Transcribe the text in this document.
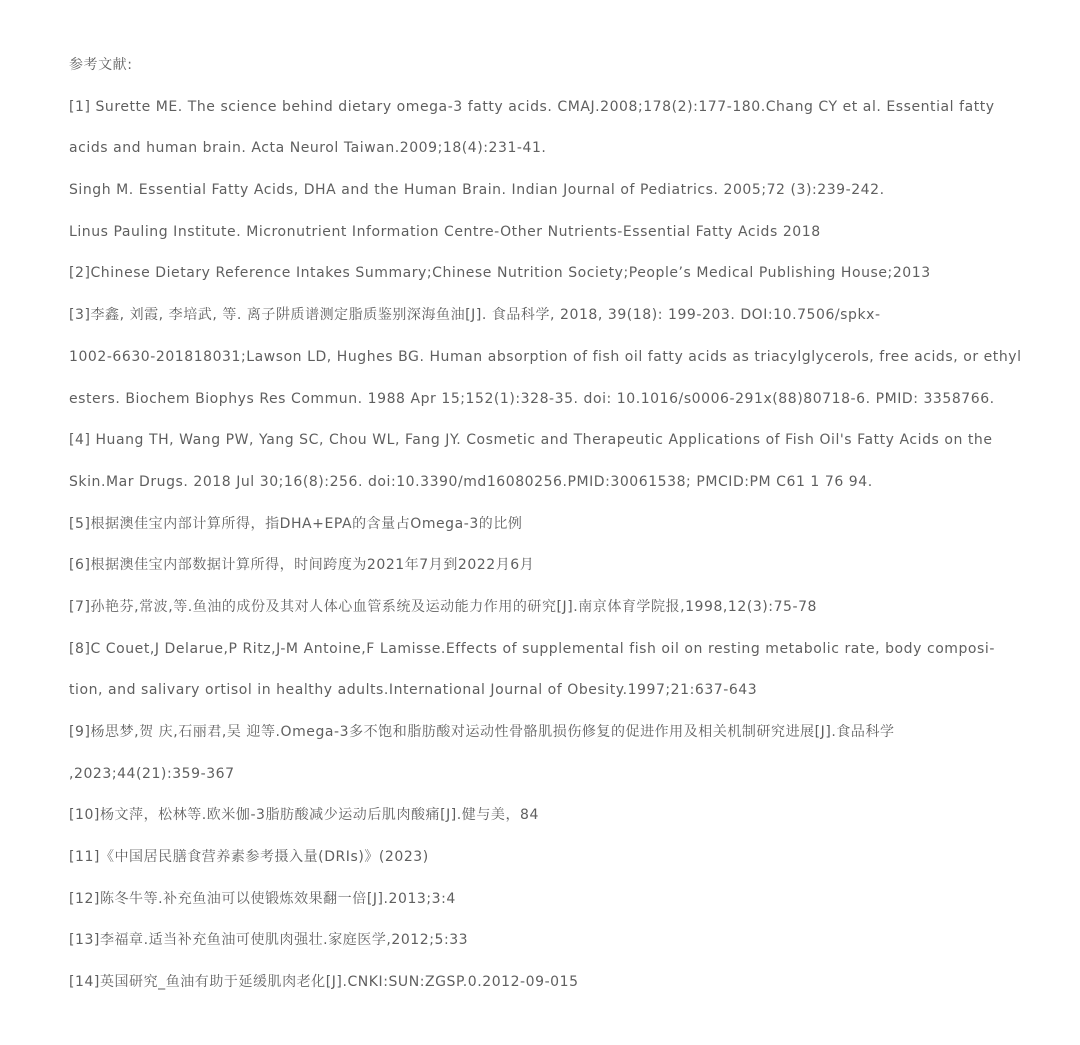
参考文献:
[1] Surette ME. The science behind dietary omega-3 fatty acids. CMAJ.2008;178(2):177-180.Chang CY et al. Essential fatty
acids and human brain. Acta Neurol Taiwan.2009;18(4):231-41.
Singh M. Essential Fatty Acids, DHA and the Human Brain. Indian Journal of Pediatrics. 2005;72 (3):239-242.
Linus Pauling Institute. Micronutrient Information Centre-Other Nutrients-Essential Fatty Acids 2018
[2]Chinese Dietary Reference Intakes Summary;Chinese Nutrition Society;People’s Medical Publishing House;2013
[3]李鑫, 刘霞, 李培武, 等. 离子阱质谱测定脂质鉴别深海鱼油[J]. 食品科学, 2018, 39(18): 199-203. DOI:10.7506/spkx-
1002-6630-201818031;Lawson LD, Hughes BG. Human absorption of fish oil fatty acids as triacylglycerols, free acids, or ethyl
esters. Biochem Biophys Res Commun. 1988 Apr 15;152(1):328-35. doi: 10.1016/s0006-291x(88)80718-6. PMID: 3358766.
[4] Huang TH, Wang PW, Yang SC, Chou WL, Fang JY. Cosmetic and Therapeutic Applications of Fish Oil's Fatty Acids on the
Skin.Mar Drugs. 2018 Jul 30;16(8):256. doi:10.3390/md16080256.PMID:30061538; PMCID:PM C61 1 76 94.
[5]根据澳佳宝内部计算所得，指DHA+EPA的含量占Omega-3的比例
[6]根据澳佳宝内部数据计算所得，时间跨度为2021年7月到2022月6月
[7]孙艳芬,常波,等.鱼油的成份及其对人体心血管系统及运动能力作用的研究[J].南京体育学院报,1998,12(3):75-78
[8]C Couet,J Delarue,P Ritz,J-M Antoine,F Lamisse.Effects of supplemental fish oil on resting metabolic rate, body composi-
tion, and salivary ortisol in healthy adults.International Journal of Obesity.1997;21:637-643
[9]杨思梦,贺 庆,石丽君,吴 迎等.Omega-3多不饱和脂肪酸对运动性骨骼肌损伤修复的促进作用及相关机制研究进展[J].食品科学
,2023;44(21):359-367
[10]杨文萍，松林等.欧米伽-3脂肪酸减少运动后肌肉酸痛[J].健与美，84
[11]《中国居民膳食营养素参考摄入量(DRIs)》(2023)
[12]陈冬牛等.补充鱼油可以使锻炼效果翻一倍[J].2013;3:4
[13]李福章.适当补充鱼油可使肌肉强壮.家庭医学,2012;5:33
[14]英国研究_鱼油有助于延缓肌肉老化[J].CNKI:SUN:ZGSP.0.2012-09-015
